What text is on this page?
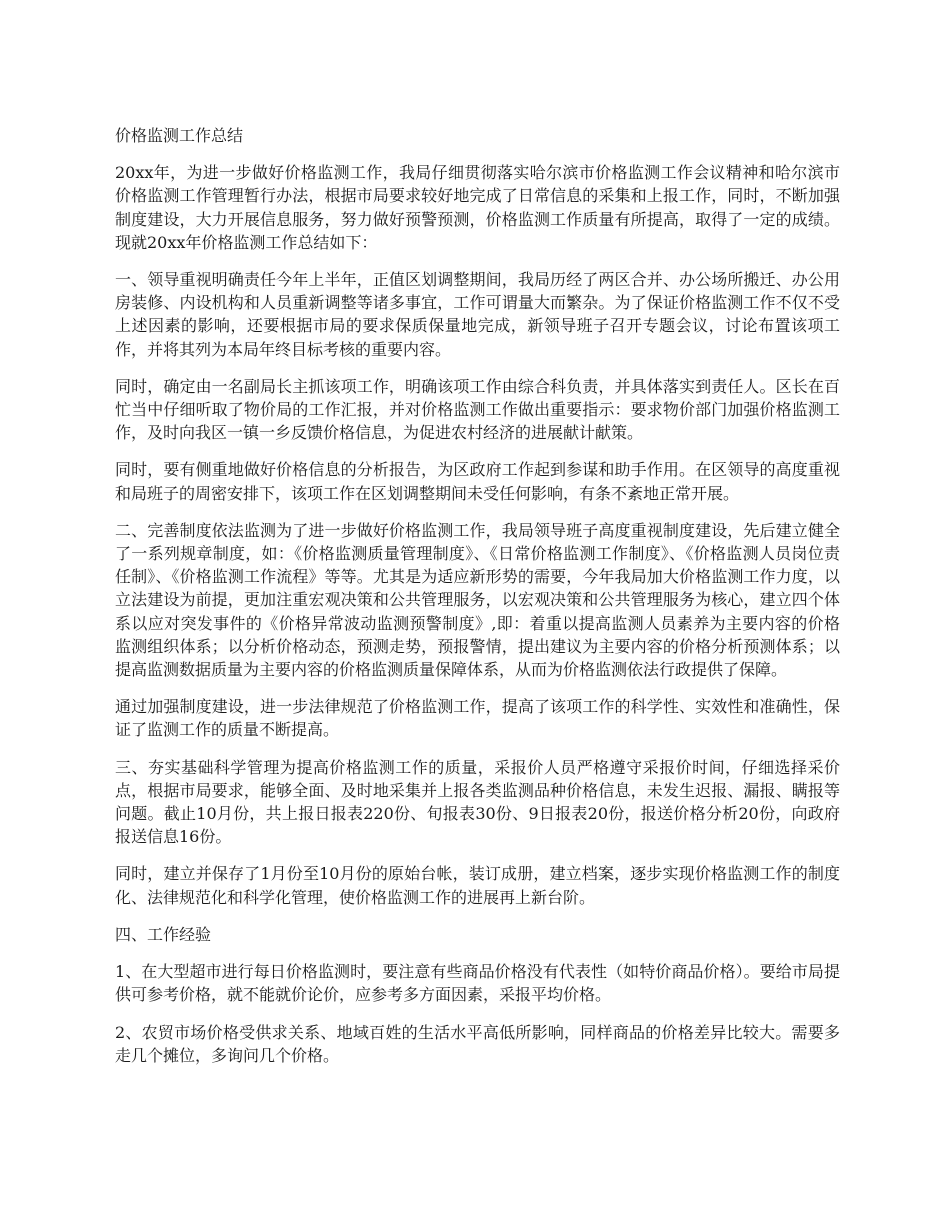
价格监测工作总结

20xx年，为进一步做好价格监测工作，我局仔细贯彻落实哈尔滨市价格监测工作会议精神和哈尔滨市价格监测工作管理暂行办法，根据市局要求较好地完成了日常信息的采集和上报工作，同时，不断加强制度建设，大力开展信息服务，努力做好预警预测，价格监测工作质量有所提高，取得了一定的成绩。现就20xx年价格监测工作总结如下：

一、领导重视明确责任今年上半年，正值区划调整期间，我局历经了两区合并、办公场所搬迁、办公用房装修、内设机构和人员重新调整等诸多事宜，工作可谓量大而繁杂。为了保证价格监测工作不仅不受上述因素的影响，还要根据市局的要求保质保量地完成，新领导班子召开专题会议，讨论布置该项工作，并将其列为本局年终目标考核的重要内容。

同时，确定由一名副局长主抓该项工作，明确该项工作由综合科负责，并具体落实到责任人。区长在百忙当中仔细听取了物价局的工作汇报，并对价格监测工作做出重要指示：要求物价部门加强价格监测工作，及时向我区一镇一乡反馈价格信息，为促进农村经济的进展献计献策。

同时，要有侧重地做好价格信息的分析报告，为区政府工作起到参谋和助手作用。在区领导的高度重视和局班子的周密安排下，该项工作在区划调整期间未受任何影响，有条不紊地正常开展。

二、完善制度依法监测为了进一步做好价格监测工作，我局领导班子高度重视制度建设，先后建立健全了一系列规章制度，如：《价格监测质量管理制度》、《日常价格监测工作制度》、《价格监测人员岗位责任制》、《价格监测工作流程》等等。尤其是为适应新形势的需要，今年我局加大价格监测工作力度，以立法建设为前提，更加注重宏观决策和公共管理服务，以宏观决策和公共管理服务为核心，建立四个体系以应对突发事件的《价格异常波动监测预警制度》,即：着重以提高监测人员素养为主要内容的价格监测组织体系；以分析价格动态，预测走势，预报警情，提出建议为主要内容的价格分析预测体系；以提高监测数据质量为主要内容的价格监测质量保障体系，从而为价格监测依法行政提供了保障。

通过加强制度建设，进一步法律规范了价格监测工作，提高了该项工作的科学性、实效性和准确性，保证了监测工作的质量不断提高。

三、夯实基础科学管理为提高价格监测工作的质量，采报价人员严格遵守采报价时间，仔细选择采价点，根据市局要求，能够全面、及时地采集并上报各类监测品种价格信息，未发生迟报、漏报、瞒报等问题。截止10月份，共上报日报表220份、旬报表30份、9日报表20份，报送价格分析20份，向政府报送信息16份。

同时，建立并保存了1月份至10月份的原始台帐，装订成册，建立档案，逐步实现价格监测工作的制度化、法律规范化和科学化管理，使价格监测工作的进展再上新台阶。

四、工作经验

1、在大型超市进行每日价格监测时，要注意有些商品价格没有代表性（如特价商品价格）。要给市局提供可参考价格，就不能就价论价，应参考多方面因素，采报平均价格。

2、农贸市场价格受供求关系、地域百姓的生活水平高低所影响，同样商品的价格差异比较大。需要多走几个摊位，多询问几个价格。
